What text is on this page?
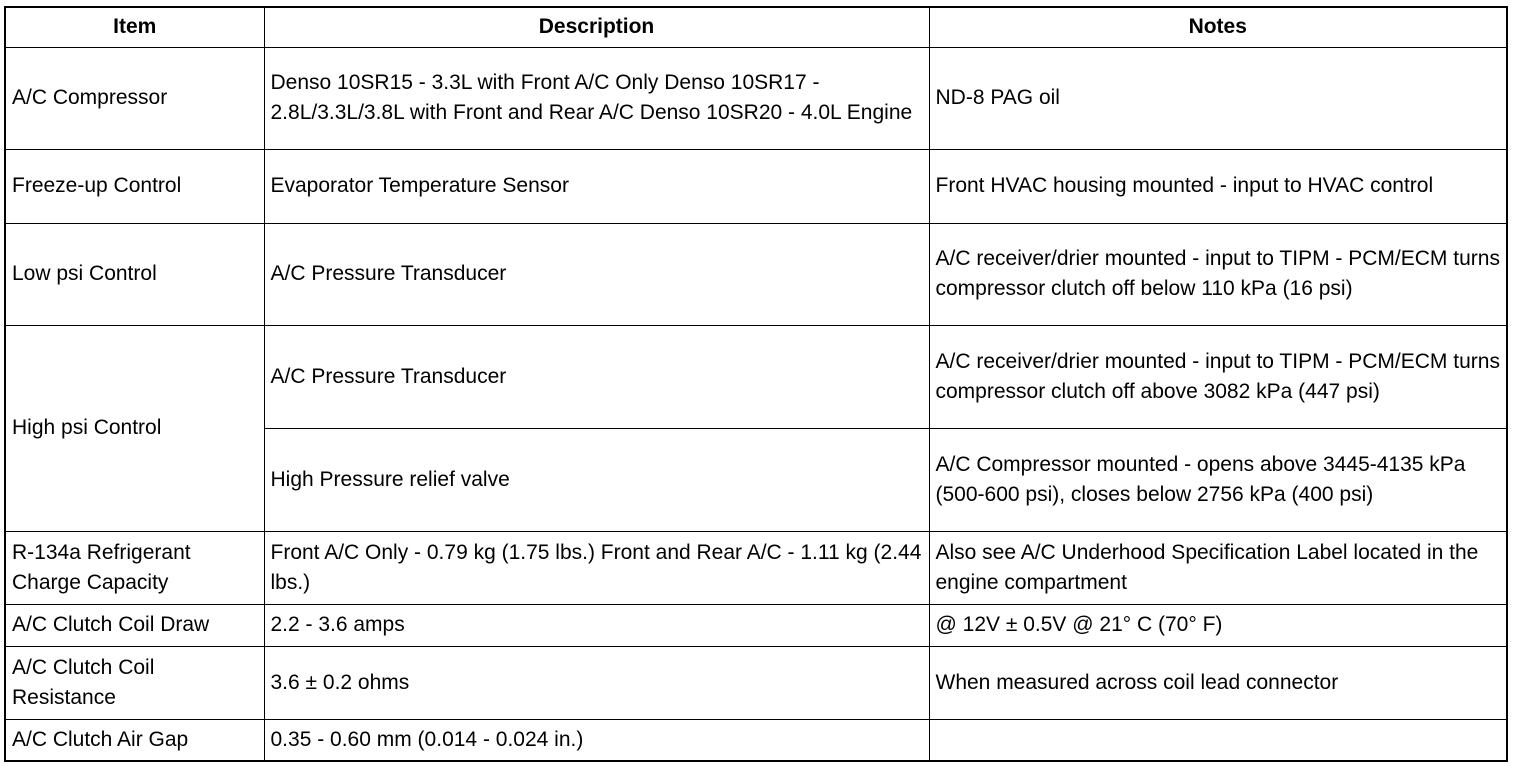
Item	Description	Notes
A/C Compressor	Denso 10SR15 - 3.3L with Front A/C Only Denso 10SR17 - 2.8L/3.3L/3.8L with Front and Rear A/C Denso 10SR20 - 4.0L Engine	ND-8 PAG oil
Freeze-up Control	Evaporator Temperature Sensor	Front HVAC housing mounted - input to HVAC control
Low psi Control	A/C Pressure Transducer	A/C receiver/drier mounted - input to TIPM - PCM/ECM turns compressor clutch off below 110 kPa (16 psi)
High psi Control	A/C Pressure Transducer	A/C receiver/drier mounted - input to TIPM - PCM/ECM turns compressor clutch off above 3082 kPa (447 psi)
	High Pressure relief valve	A/C Compressor mounted - opens above 3445-4135 kPa (500-600 psi), closes below 2756 kPa (400 psi)
R-134a Refrigerant Charge Capacity	Front A/C Only - 0.79 kg (1.75 lbs.) Front and Rear A/C - 1.11 kg (2.44 lbs.)	Also see A/C Underhood Specification Label located in the engine compartment
A/C Clutch Coil Draw	2.2 - 3.6 amps	@ 12V ± 0.5V @ 21° C (70° F)
A/C Clutch Coil Resistance	3.6 ± 0.2 ohms	When measured across coil lead connector
A/C Clutch Air Gap	0.35 - 0.60 mm (0.014 - 0.024 in.)	
